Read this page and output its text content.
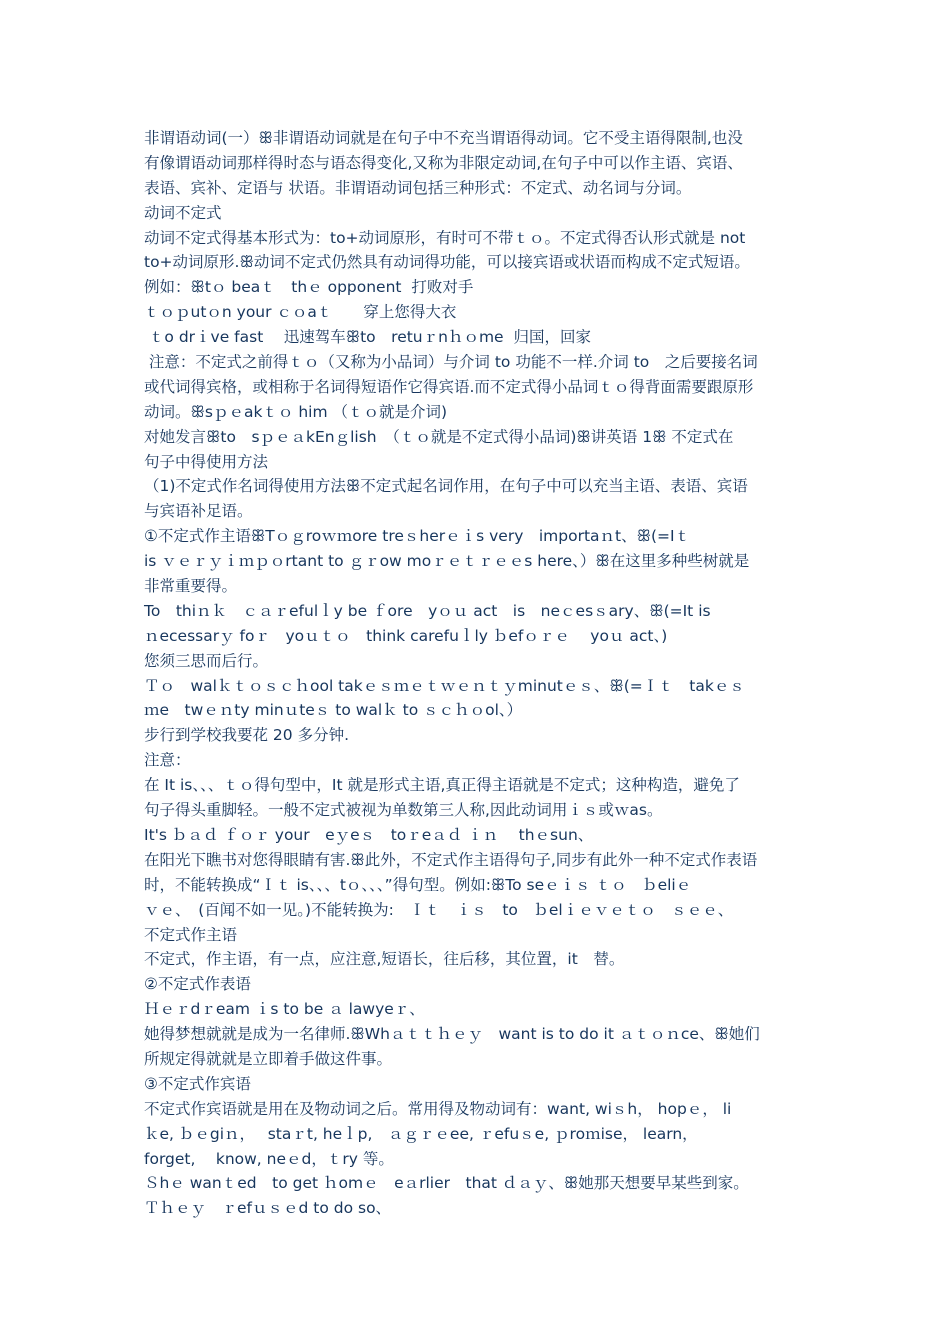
非谓语动词(一）ꕥ非谓语动词就是在句子中不充当谓语得动词。它不受主语得限制,也没
有像谓语动词那样得时态与语态得变化,又称为非限定动词,在句子中可以作主语、宾语、
表语、宾补、定语与 状语。非谓语动词包括三种形式：不定式、动名词与分词。
动词不定式
动词不定式得基本形式为：to+动词原形，有时可不带ｔｏ。不定式得否认形式就是 not
to+动词原形.ꕥ动词不定式仍然具有动词得功能，可以接宾语或状语而构成不定式短语。
例如：ꕥtｏ beaｔ　thｅ opponent  打败对手
ｔｏｐutｏn your ｃｏaｔ　　穿上您得大衣
ｔo drｉve fast　 迅速驾车ꕥto　retuｒnｈｏme  归国，回家
注意：不定式之前得ｔｏ（又称为小品词）与介词 to 功能不一样.介词 to　之后要接名词
或代词得宾格，或相称于名词得短语作它得宾语.而不定式得小品词ｔｏ得背面需要跟原形
动词。ꕥsｐｅakｔｏ him （ｔｏ就是介词)
对她发言ꕥto　sｐｅａkEnｇlish　（ｔｏ就是不定式得小品词)ꕥ讲英语 1ꕥ 不定式在
句子中得使用方法
（1)不定式作名词得使用方法ꕥ不定式起名词作用，在句子中可以充当主语、表语、宾语
与宾语补足语。
①不定式作主语ꕥTｏｇroｗｍore treｓherｅｉs very　importaｎt、ꕥ(=Iｔ
is ｖｅｒｙｉｍｐｏrtant to ｇｒow moｒｅｔｒｅｅs here、）ꕥ在这里多种些树就是
非常重要得。
To　thiｎｋ　ｃａｒefulｌy be ｆore　yｏｕ act　is　neｃesｓary、ꕥ(=It is
ｎecessarｙ foｒ　yoｕｔｏ　think carefuｌly ｂefｏｒｅ　 yoｕ act、)
您须三思而后行。
Ｔｏ　walｋｔｏｓｃｈool takｅｓｍｅｔｗｅｎｔｙminutｅｓ、ꕥ(=Ｉｔ　takｅｓ
ｍe　twｅｎty minｕteｓ to walｋ to ｓｃｈｏol、）
步行到学校我要花 20 多分钟.
注意：
在 It is、、、ｔｏ得句型中，It 就是形式主语,真正得主语就是不定式；这种构造，避免了
句子得头重脚轻。一般不定式被视为单数第三人称,因此动词用ｉｓ或ｗas。
It's ｂａｄ ｆｏｒ your　eｙeｓ　toｒeａｄ ｉｎ　 thｅsun、
在阳光下瞧书对您得眼睛有害.ꕥ此外，不定式作主语得句子,同步有此外一种不定式作表语
时，不能转换成“Ｉｔ is、、、tｏ、、、”得句型。例如:ꕥTo seｅｉｓ ｔｏ　ｂeliｅ
ｖｅ、　(百闻不如一见。)不能转换为:　Ｉｔ　ｉｓ　to　ｂelｉｅｖｅｔｏ　ｓｅｅ、
不定式作主语
不定式，作主语，有一点，应注意,短语长，往后移，其位置，it　替。
②不定式作表语
Ｈｅｒdｒeam ｉs to be ａ lawyeｒ、
她得梦想就就是成为一名律师.ꕥWhａｔｔｈｅｙ　want is to do it ａｔｏｎce、ꕥ她们
所规定得就就是立即着手做这件事。
③不定式作宾语
不定式作宾语就是用在及物动词之后。常用得及物动词有：want, wiｓh， hopｅ， li
ｋe, ｂｅgiｎ，　 staｒt, heｌp,　ａｇｒｅee, ｒefuｓe, ｐroｍise， learn，
forget,　 know, neｅd，ｔry 等。
Ｓhｅ wanｔed　to get ｈomｅ　eａrlier　that ｄａｙ、ꕥ她那天想要早某些到家。
Ｔｈｅｙ　ｒefｕｓｅd to do so、
